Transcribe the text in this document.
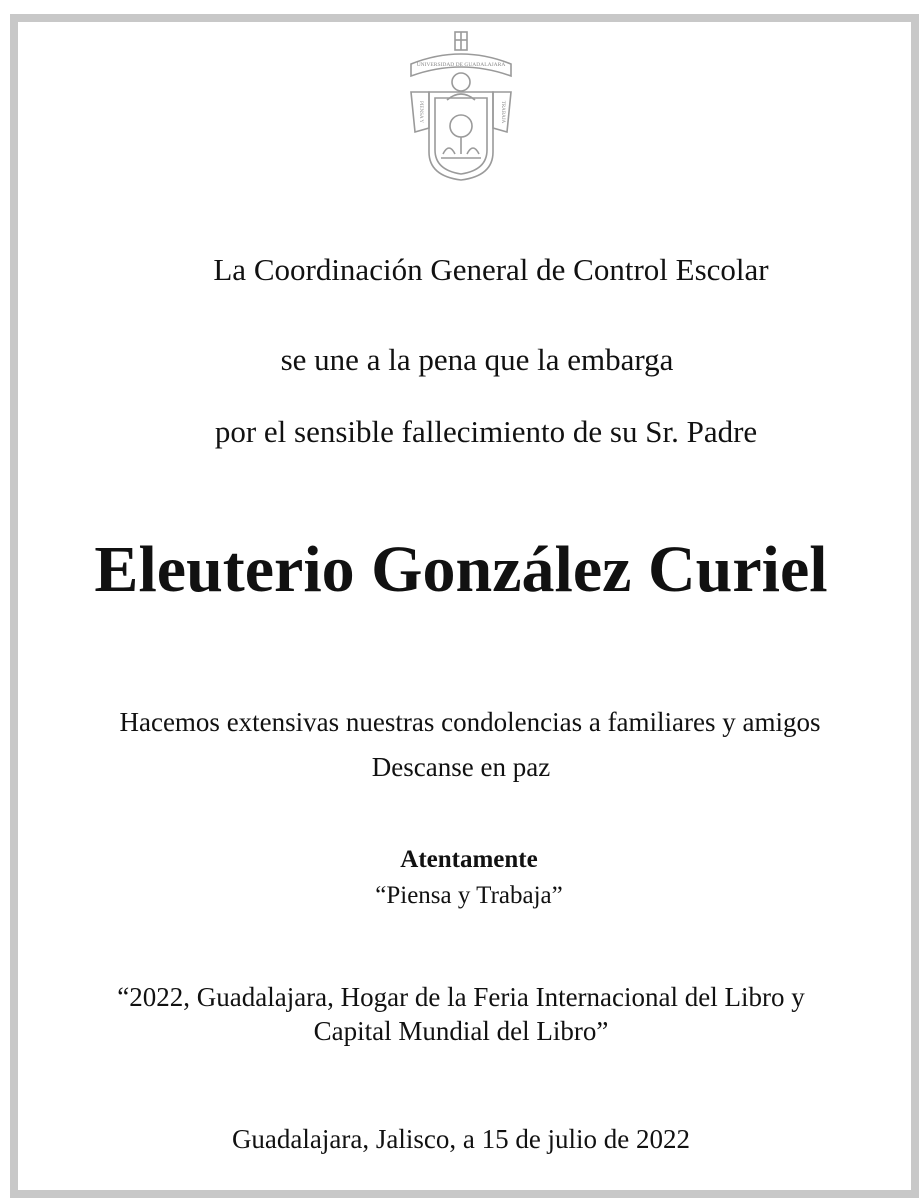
UNIVERSIDAD DE GUADALAJARA
PIENSA Y	TRABAJA
La Coordinación General de Control Escolar
se une a la pena que la embarga
por el sensible fallecimiento de su Sr. Padre
Eleuterio González Curiel
Hacemos extensivas nuestras condolencias a familiares y amigos
Descanse en paz
Atentamente
“Piensa y Trabaja”
“2022, Guadalajara, Hogar de la Feria Internacional del Libro y
Capital Mundial del Libro”
Guadalajara, Jalisco, a 15 de julio de 2022
